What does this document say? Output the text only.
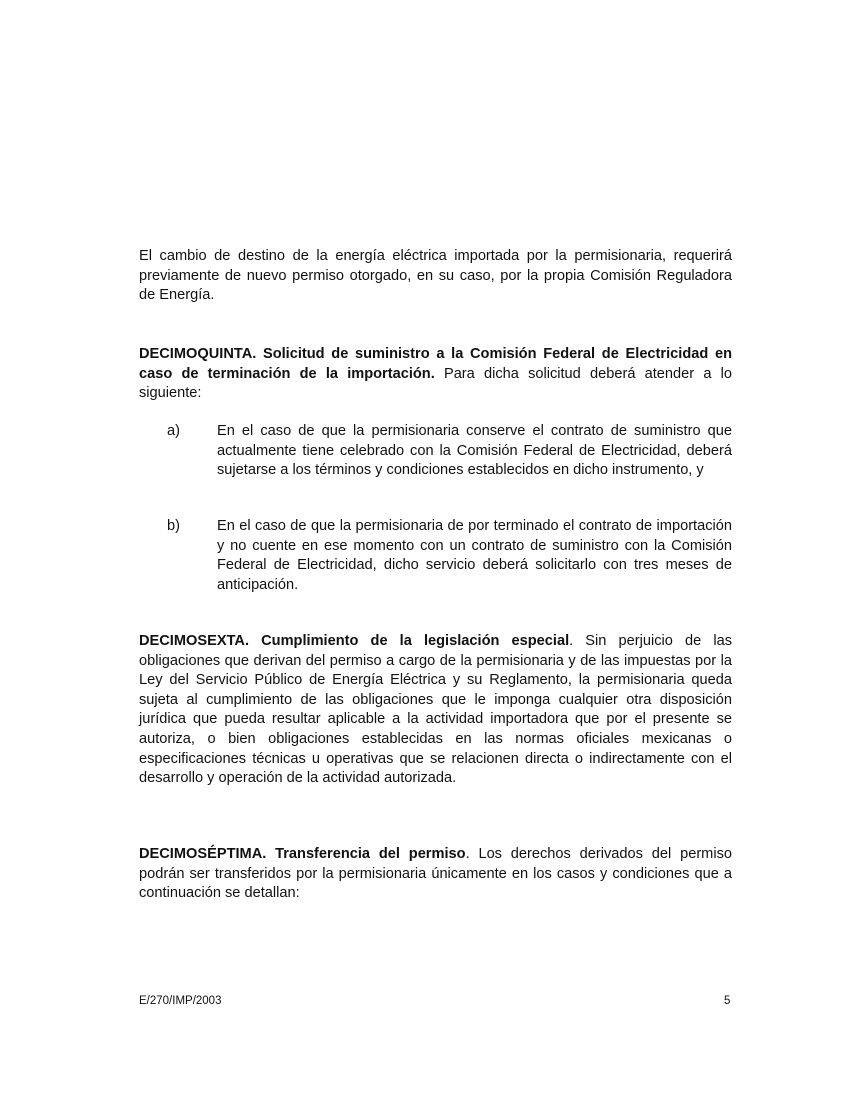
El cambio de destino de la energía eléctrica importada por la permisionaria, requerirá previamente de nuevo permiso otorgado, en su caso, por la propia Comisión Reguladora de Energía.

DECIMOQUINTA. Solicitud de suministro a la Comisión Federal de Electricidad en caso de terminación de la importación. Para dicha solicitud deberá atender a lo siguiente:

a)	En el caso de que la permisionaria conserve el contrato de suministro que actualmente tiene celebrado con la Comisión Federal de Electricidad, deberá sujetarse a los términos y condiciones establecidos en dicho instrumento, y
b)	En el caso de que la permisionaria de por terminado el contrato de importación y no cuente en ese momento con un contrato de suministro con la Comisión Federal de Electricidad, dicho servicio deberá solicitarlo con tres meses de anticipación.

DECIMOSEXTA. Cumplimiento de la legislación especial. Sin perjuicio de las obligaciones que derivan del permiso a cargo de la permisionaria y de las impuestas por la Ley del Servicio Público de Energía Eléctrica y su Reglamento, la permisionaria queda sujeta al cumplimiento de las obligaciones que le imponga cualquier otra disposición jurídica que pueda resultar aplicable a la actividad importadora que por el presente se autoriza, o bien obligaciones establecidas en las normas oficiales mexicanas o especificaciones técnicas u operativas que se relacionen directa o indirectamente con el desarrollo y operación de la actividad autorizada.

DECIMOSÉPTIMA. Transferencia del permiso. Los derechos derivados del permiso podrán ser transferidos por la permisionaria únicamente en los casos y condiciones que a continuación se detallan:

E/270/IMP/2003	5
